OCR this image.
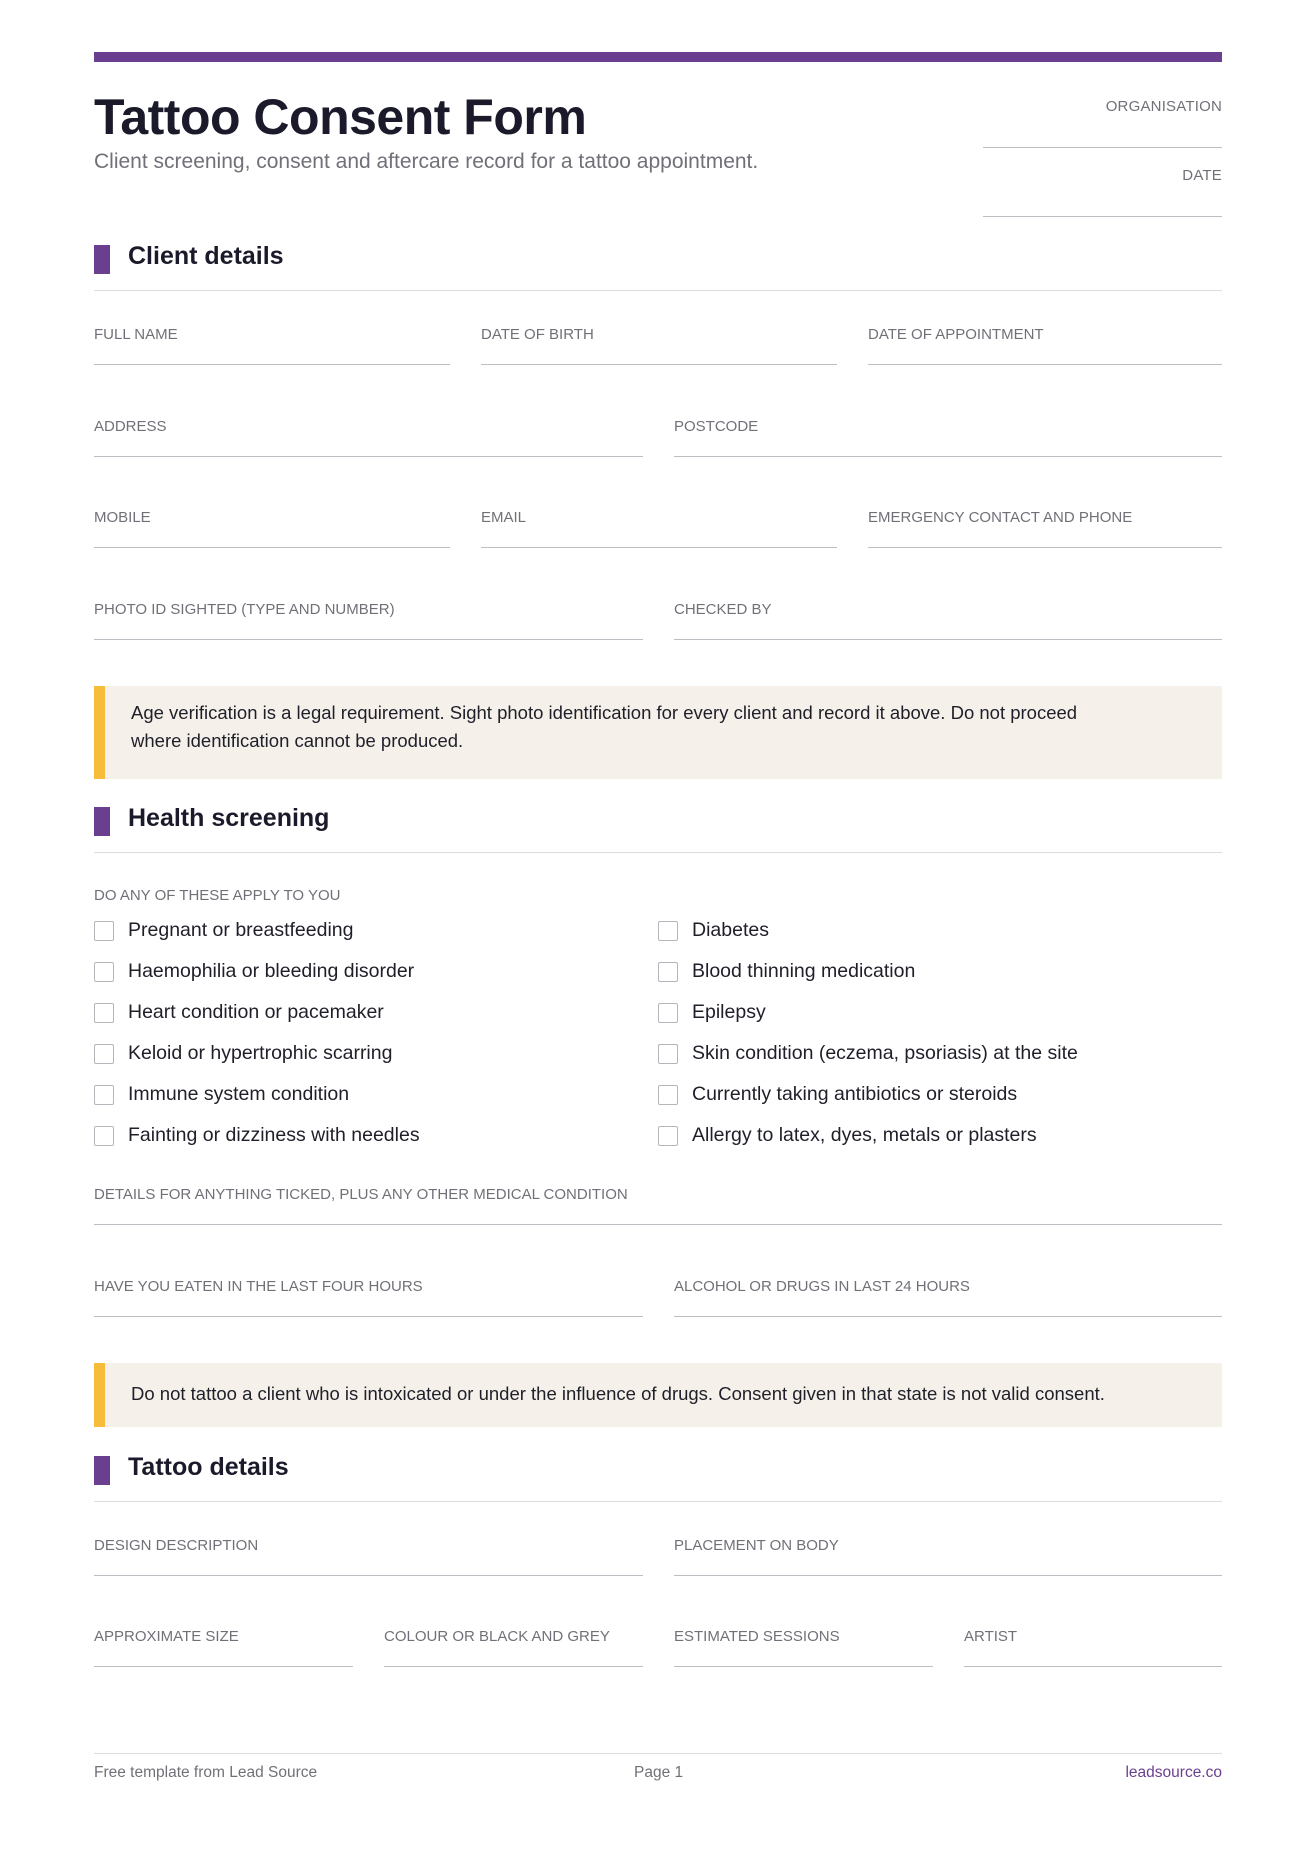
Tattoo Consent Form
Client screening, consent and aftercare record for a tattoo appointment.
ORGANISATION
DATE
Client details
FULL NAME	DATE OF BIRTH	DATE OF APPOINTMENT
ADDRESS	POSTCODE
MOBILE	EMAIL	EMERGENCY CONTACT AND PHONE
PHOTO ID SIGHTED (TYPE AND NUMBER)	CHECKED BY
Age verification is a legal requirement. Sight photo identification for every client and record it above. Do not proceed
where identification cannot be produced.
Health screening
DO ANY OF THESE APPLY TO YOU
Pregnant or breastfeeding
Haemophilia or bleeding disorder
Heart condition or pacemaker
Keloid or hypertrophic scarring
Immune system condition
Fainting or dizziness with needles
Diabetes
Blood thinning medication
Epilepsy
Skin condition (eczema, psoriasis) at the site
Currently taking antibiotics or steroids
Allergy to latex, dyes, metals or plasters
DETAILS FOR ANYTHING TICKED, PLUS ANY OTHER MEDICAL CONDITION
HAVE YOU EATEN IN THE LAST FOUR HOURS	ALCOHOL OR DRUGS IN LAST 24 HOURS
Do not tattoo a client who is intoxicated or under the influence of drugs. Consent given in that state is not valid consent.
Tattoo details
DESIGN DESCRIPTION	PLACEMENT ON BODY
APPROXIMATE SIZE	COLOUR OR BLACK AND GREY	ESTIMATED SESSIONS	ARTIST
Free template from Lead Source	Page 1	leadsource.co
